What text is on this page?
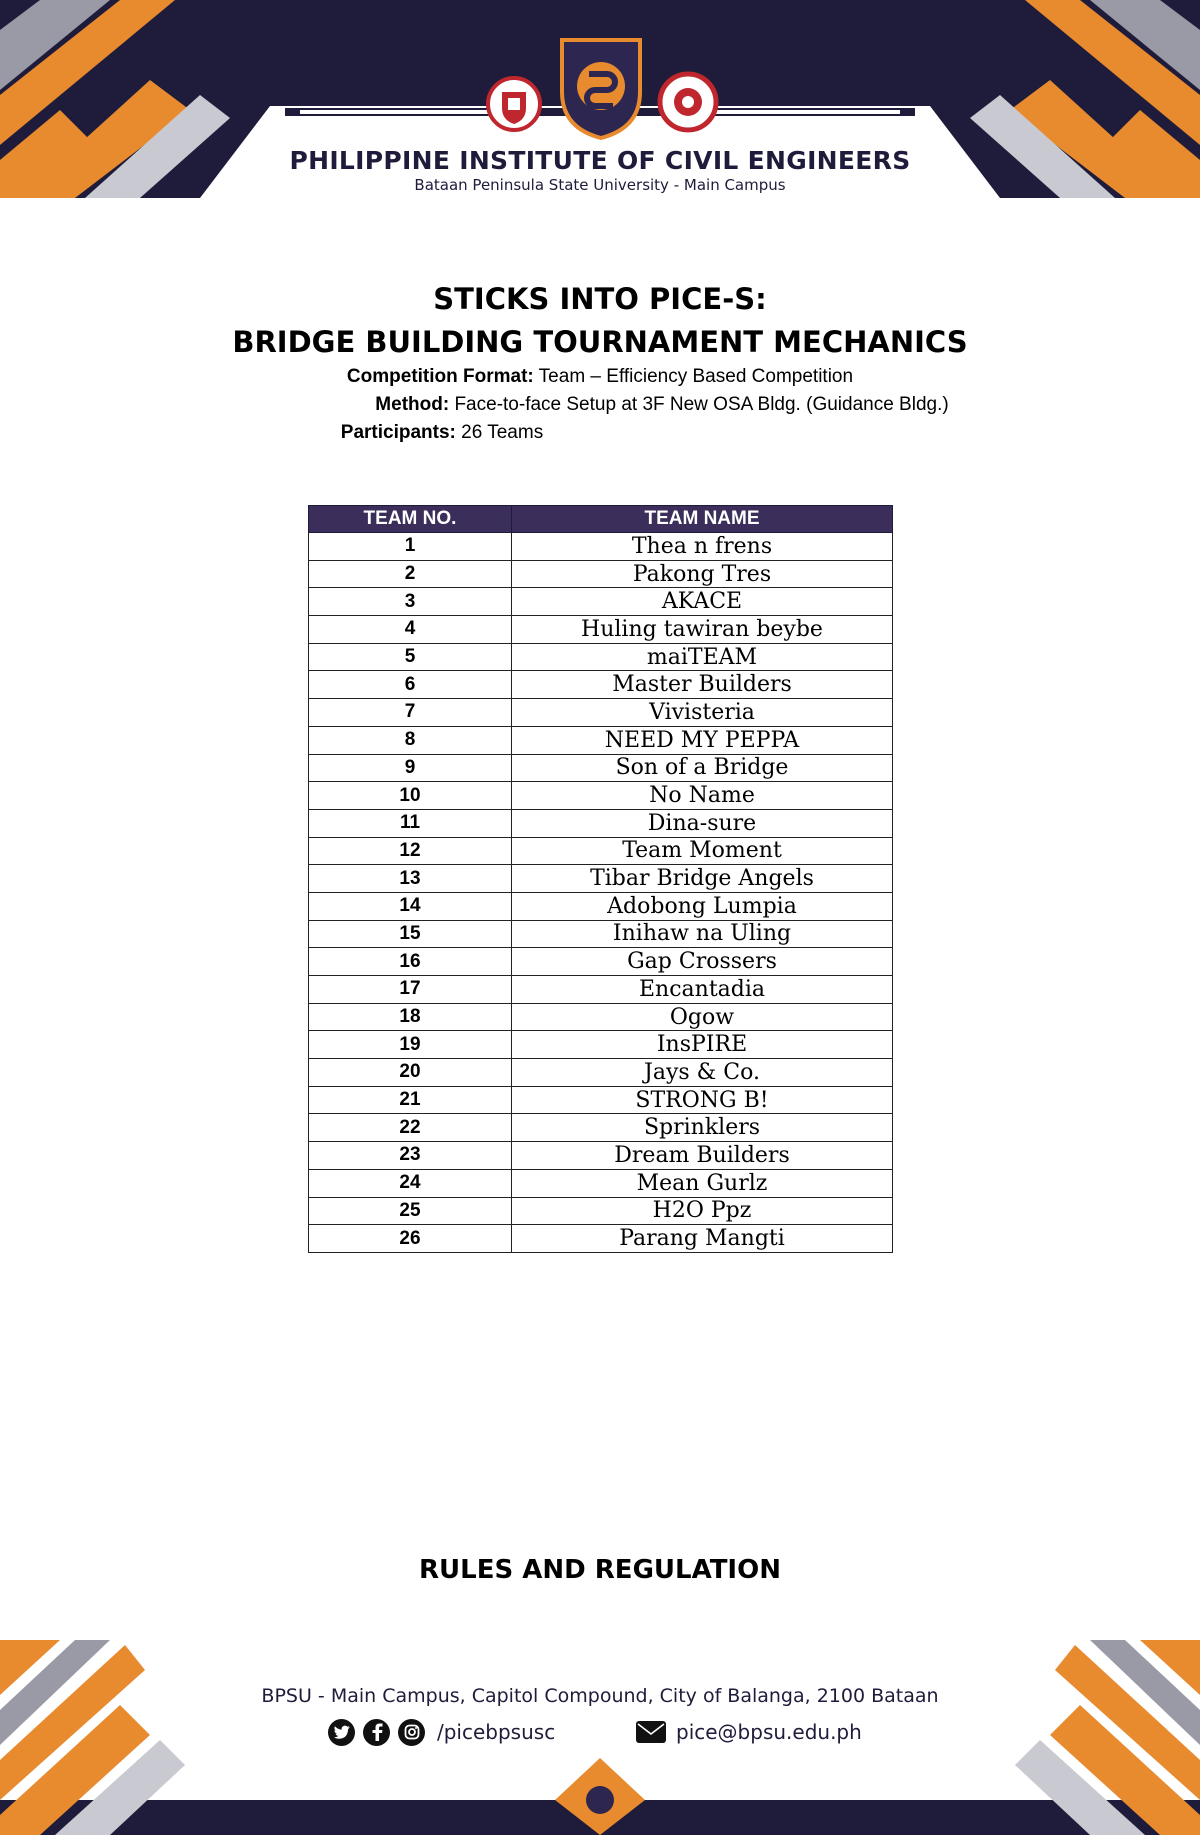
PHILIPPINE INSTITUTE OF CIVIL ENGINEERS

Bataan Peninsula State University - Main Campus

STICKS INTO PICE-S:
BRIDGE BUILDING TOURNAMENT MECHANICS

Competition Format: Team – Efficiency Based Competition

Method: Face-to-face Setup at 3F New OSA Bldg. (Guidance Bldg.)

Participants: 26 Teams

TEAM NO.	TEAM NAME
1	Thea n frens
2	Pakong Tres
3	AKACE
4	Huling tawiran beybe
5	maiTEAM
6	Master Builders
7	Vivisteria
8	NEED MY PEPPA
9	Son of a Bridge
10	No Name
11	Dina-sure
12	Team Moment
13	Tibar Bridge Angels
14	Adobong Lumpia
15	Inihaw na Uling
16	Gap Crossers
17	Encantadia
18	Ogow
19	InsPIRE
20	Jays & Co.
21	STRONG B!
22	Sprinklers
23	Dream Builders
24	Mean Gurlz
25	H2O Ppz
26	Parang Mangti
RULES AND REGULATION

BPSU - Main Campus, Capitol Compound, City of Balanga, 2100 Bataan

/picebpsusc	pice@bpsu.edu.ph
